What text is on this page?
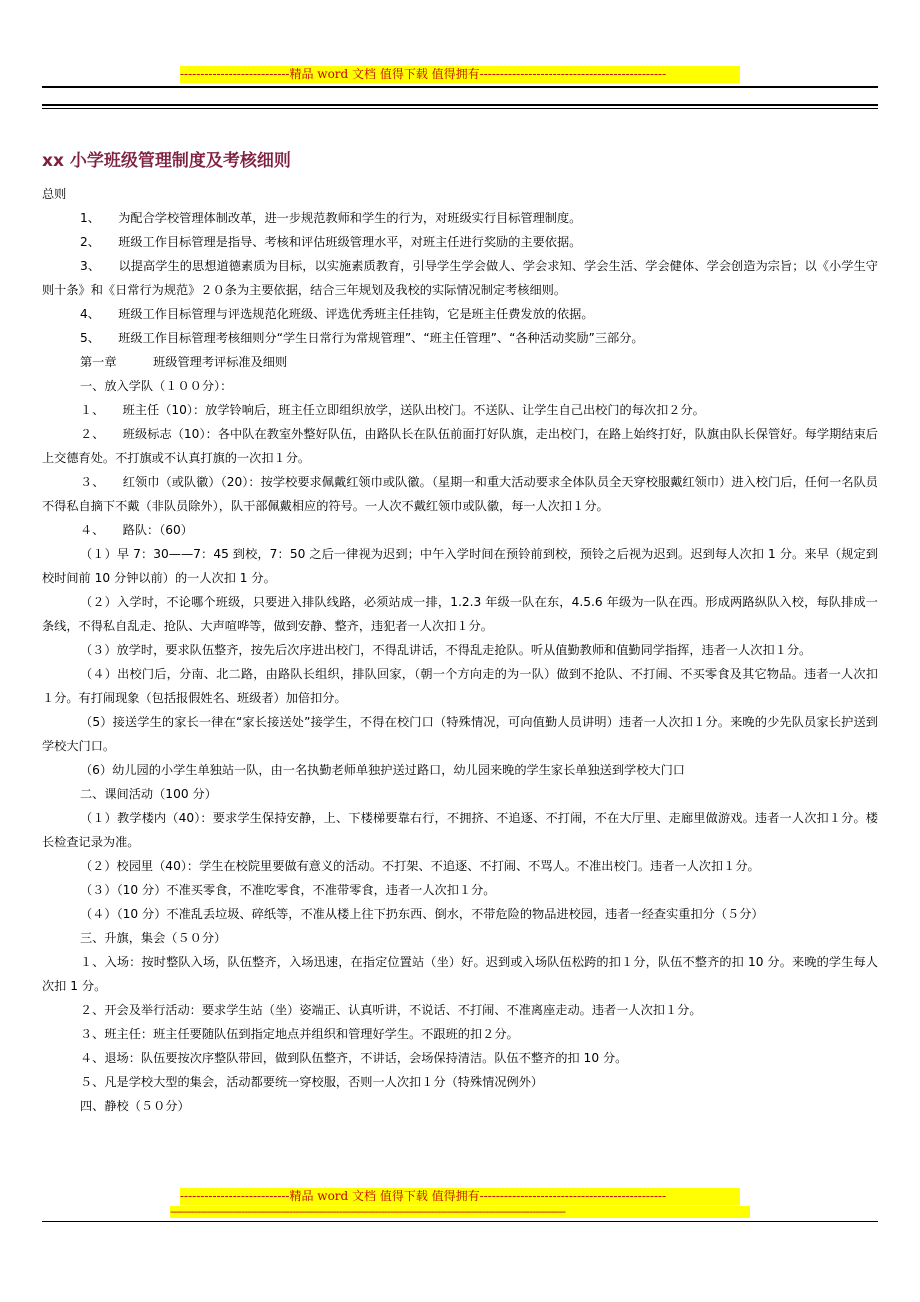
---------------------------精品 word 文档 值得下载 值得拥有----------------------------------------------
xx 小学班级管理制度及考核细则

总则

1、　　为配合学校管理体制改革，进一步规范教师和学生的行为，对班级实行目标管理制度。

2、　　班级工作目标管理是指导、考核和评估班级管理水平，对班主任进行奖励的主要依据。

3、　　以提高学生的思想道德素质为目标，以实施素质教育，引导学生学会做人、学会求知、学会生活、学会健体、学会创造为宗旨；以《小学生守则十条》和《日常行为规范》２０条为主要依据，结合三年规划及我校的实际情况制定考核细则。

4、　　班级工作目标管理与评选规范化班级、评选优秀班主任挂钩，它是班主任费发放的依据。

5、　　班级工作目标管理考核细则分“学生日常行为常规管理”、“班主任管理”、“各种活动奖励”三部分。

第一章　　　班级管理考评标准及细则

一、放入学队（１００分）：

１、　　班主任（10）：放学铃响后，班主任立即组织放学，送队出校门。不送队、让学生自己出校门的每次扣２分。

２、　　班级标志（10）：各中队在教室外整好队伍，由路队长在队伍前面打好队旗，走出校门，在路上始终打好，队旗由队长保管好。每学期结束后上交德育处。不打旗或不认真打旗的一次扣１分。

３、　　红领巾（或队徽）（20）：按学校要求佩戴红领巾或队徽。（星期一和重大活动要求全体队员全天穿校服戴红领巾）进入校门后，任何一名队员不得私自摘下不戴（非队员除外），队干部佩戴相应的符号。一人次不戴红领巾或队徽，每一人次扣１分。

４、　　路队：（60）

（１）早 7：30——7：45 到校，7：50 之后一律视为迟到；中午入学时间在预铃前到校，预铃之后视为迟到。迟到每人次扣 1 分。来早（规定到校时间前 10 分钟以前）的一人次扣 1 分。

（２）入学时，不论哪个班级，只要进入排队线路，必须站成一排，1.2.3 年级一队在东，4.5.6 年级为一队在西。形成两路纵队入校，每队排成一条线，不得私自乱走、抢队、大声喧哗等，做到安静、整齐，违犯者一人次扣１分。

（３）放学时，要求队伍整齐，按先后次序进出校门，不得乱讲话，不得乱走抢队。听从值勤教师和值勤同学指挥，违者一人次扣１分。

（４）出校门后，分南、北二路，由路队长组织，排队回家，（朝一个方向走的为一队）做到不抢队、不打闹、不买零食及其它物品。违者一人次扣１分。有打闹现象（包括报假姓名、班级者）加倍扣分。

（5）接送学生的家长一律在“家长接送处”接学生，不得在校门口（特殊情况，可向值勤人员讲明）违者一人次扣１分。来晚的少先队员家长护送到学校大门口。

（6）幼儿园的小学生单独站一队，由一名执勤老师单独护送过路口，幼儿园来晚的学生家长单独送到学校大门口

二、课间活动（100 分）

（１）教学楼内（40）：要求学生保持安静，上、下楼梯要靠右行，不拥挤、不追逐、不打闹，不在大厅里、走廊里做游戏。违者一人次扣１分。楼长检查记录为准。

（２）校园里（40）：学生在校院里要做有意义的活动。不打架、不追逐、不打闹、不骂人。不准出校门。违者一人次扣１分。

（３）（10 分）不准买零食，不准吃零食，不准带零食，违者一人次扣１分。

（４）（10 分）不准乱丢垃圾、碎纸等，不准从楼上往下扔东西、倒水，不带危险的物品进校园，违者一经查实重扣分（５分）

三、升旗，集会（５０分）

１、入场：按时整队入场，队伍整齐，入场迅速，在指定位置站（坐）好。迟到或入场队伍松跨的扣１分，队伍不整齐的扣 10 分。来晚的学生每人次扣 1 分。

２、开会及举行活动：要求学生站（坐）姿端正、认真听讲，不说话、不打闹、不准离座走动。违者一人次扣１分。

３、班主任：班主任要随队伍到指定地点并组织和管理好学生。不跟班的扣２分。

４、退场：队伍要按次序整队带回，做到队伍整齐，不讲话，会场保持清洁。队伍不整齐的扣 10 分。

５、凡是学校大型的集会，活动都要统一穿校服，否则一人次扣１分（特殊情况例外）

四、静校（５０分）

---------------------------精品 word 文档 值得下载 值得拥有----------------------------------------------
-------------------------------------------------------------------------------------------------------------------------------------
